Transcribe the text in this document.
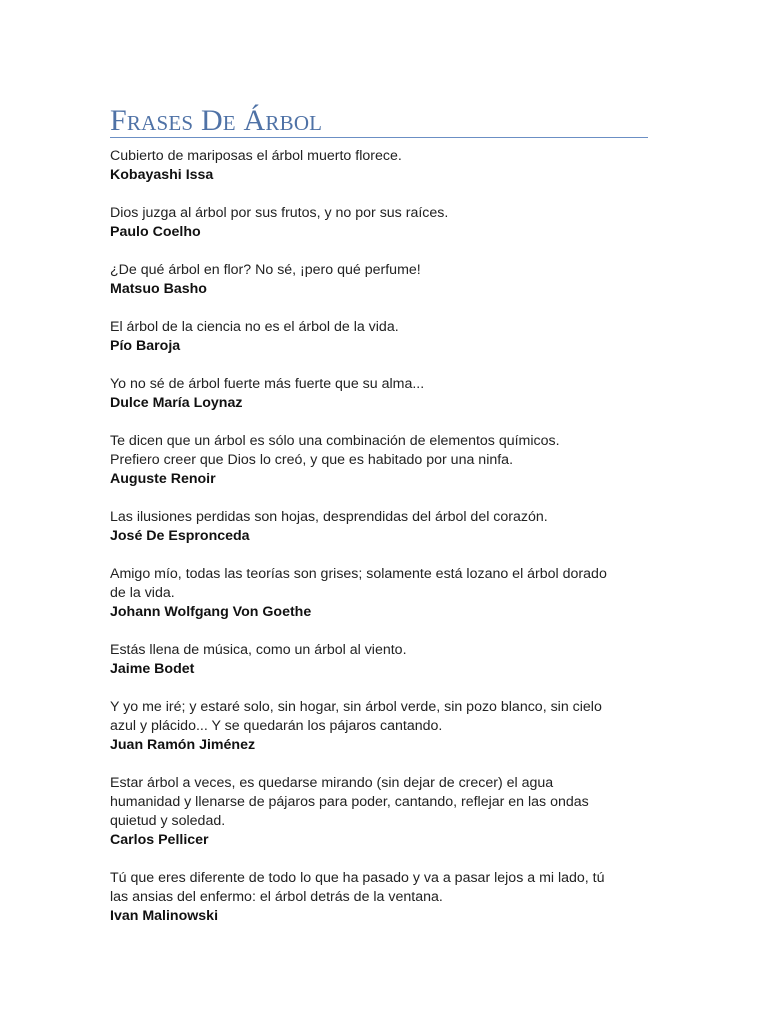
Frases De Árbol
Cubierto de mariposas el árbol muerto florece.
Kobayashi Issa
Dios juzga al árbol por sus frutos, y no por sus raíces.
Paulo Coelho
¿De qué árbol en flor? No sé, ¡pero qué perfume!
Matsuo Basho
El árbol de la ciencia no es el árbol de la vida.
Pío Baroja
Yo no sé de árbol fuerte más fuerte que su alma...
Dulce María Loynaz
Te dicen que un árbol es sólo una combinación de elementos químicos.
Prefiero creer que Dios lo creó, y que es habitado por una ninfa.
Auguste Renoir
Las ilusiones perdidas son hojas, desprendidas del árbol del corazón.
José De Espronceda
Amigo mío, todas las teorías son grises; solamente está lozano el árbol dorado
de la vida.
Johann Wolfgang Von Goethe
Estás llena de música, como un árbol al viento.
Jaime Bodet
Y yo me iré; y estaré solo, sin hogar, sin árbol verde, sin pozo blanco, sin cielo
azul y plácido... Y se quedarán los pájaros cantando.
Juan Ramón Jiménez
Estar árbol a veces, es quedarse mirando (sin dejar de crecer) el agua
humanidad y llenarse de pájaros para poder, cantando, reflejar en las ondas
quietud y soledad.
Carlos Pellicer
Tú que eres diferente de todo lo que ha pasado y va a pasar lejos a mi lado, tú
las ansias del enfermo: el árbol detrás de la ventana.
Ivan Malinowski
